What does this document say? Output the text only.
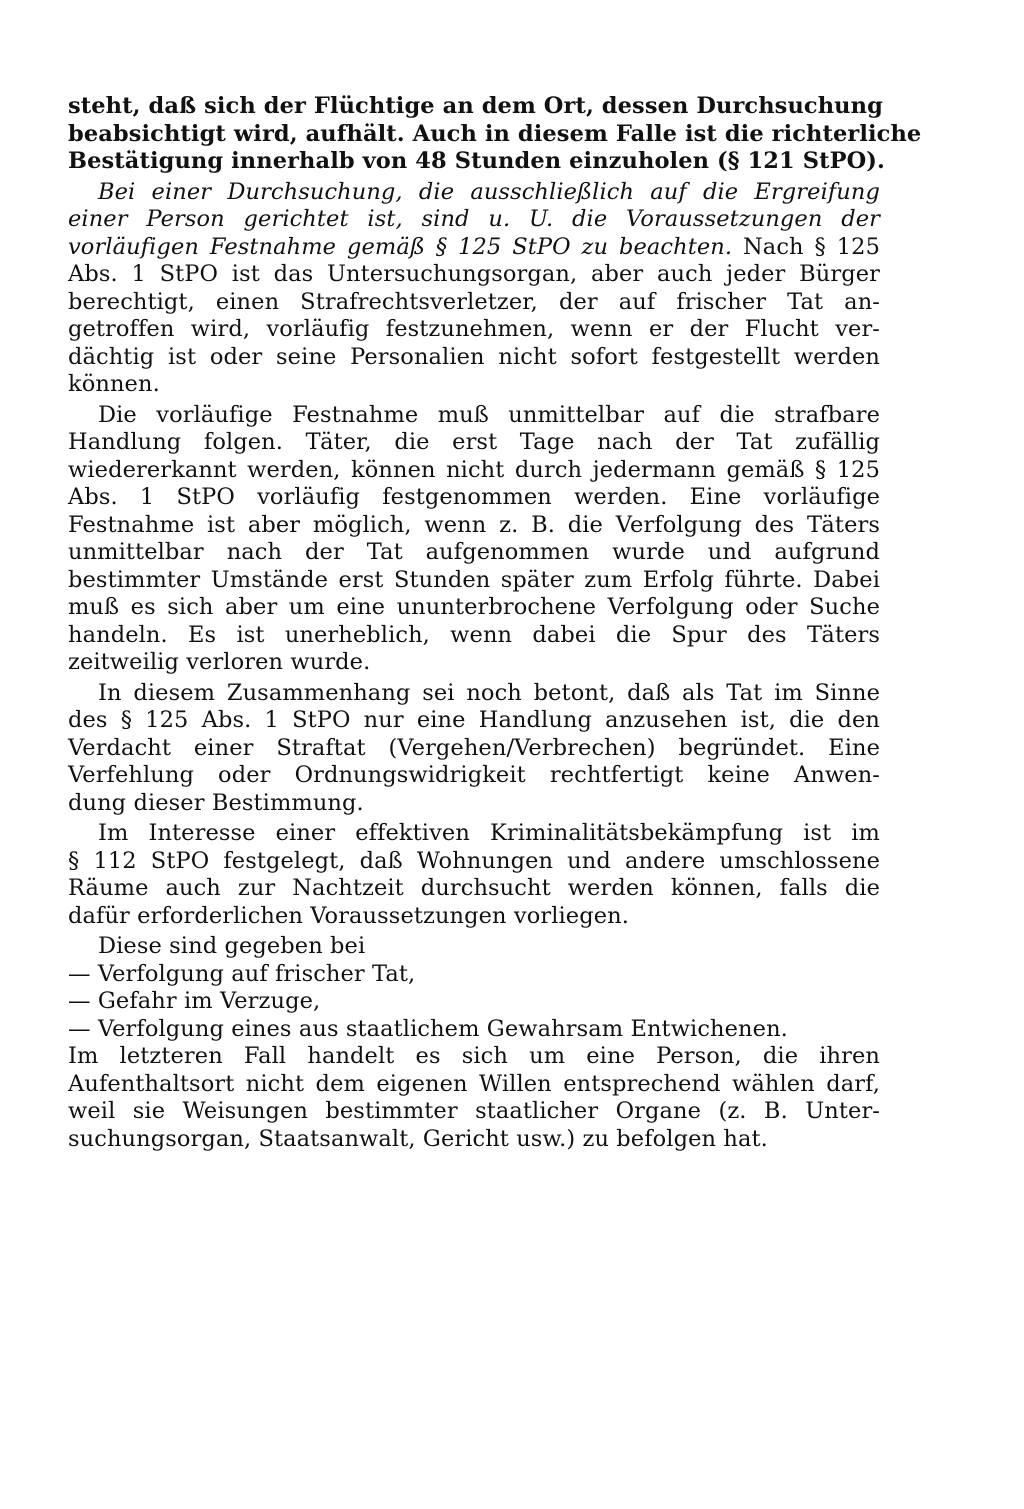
steht, daß sich der Flüchtige an dem Ort, dessen Durchsuchung
beabsichtigt wird, aufhält. Auch in diesem Falle ist die richterliche
Bestätigung innerhalb von 48 Stunden einzuholen (§ 121 StPO).
Bei einer Durchsuchung, die ausschließlich auf die Ergreifung
einer Person gerichtet ist, sind u. U. die Voraussetzungen der
vorläufigen Festnahme gemäß § 125 StPO zu beachten. Nach § 125
Abs. 1 StPO ist das Untersuchungsorgan, aber auch jeder Bürger
berechtigt, einen Strafrechtsverletzer, der auf frischer Tat an-
getroffen wird, vorläufig festzunehmen, wenn er der Flucht ver-
dächtig ist oder seine Personalien nicht sofort festgestellt werden
können.
Die vorläufige Festnahme muß unmittelbar auf die strafbare
Handlung folgen. Täter, die erst Tage nach der Tat zufällig
wiedererkannt werden, können nicht durch jedermann gemäß § 125
Abs. 1 StPO vorläufig festgenommen werden. Eine vorläufige
Festnahme ist aber möglich, wenn z. B. die Verfolgung des Täters
unmittelbar nach der Tat aufgenommen wurde und aufgrund
bestimmter Umstände erst Stunden später zum Erfolg führte. Dabei
muß es sich aber um eine ununterbrochene Verfolgung oder Suche
handeln. Es ist unerheblich, wenn dabei die Spur des Täters
zeitweilig verloren wurde.
In diesem Zusammenhang sei noch betont, daß als Tat im Sinne
des § 125 Abs. 1 StPO nur eine Handlung anzusehen ist, die den
Verdacht einer Straftat (Vergehen/Verbrechen) begründet. Eine
Verfehlung oder Ordnungswidrigkeit rechtfertigt keine Anwen-
dung dieser Bestimmung.
Im Interesse einer effektiven Kriminalitätsbekämpfung ist im
§ 112 StPO festgelegt, daß Wohnungen und andere umschlossene
Räume auch zur Nachtzeit durchsucht werden können, falls die
dafür erforderlichen Voraussetzungen vorliegen.
Diese sind gegeben bei
— Verfolgung auf frischer Tat,
— Gefahr im Verzuge,
— Verfolgung eines aus staatlichem Gewahrsam Entwichenen.
Im letzteren Fall handelt es sich um eine Person, die ihren
Aufenthaltsort nicht dem eigenen Willen entsprechend wählen darf,
weil sie Weisungen bestimmter staatlicher Organe (z. B. Unter-
suchungsorgan, Staatsanwalt, Gericht usw.) zu befolgen hat.
